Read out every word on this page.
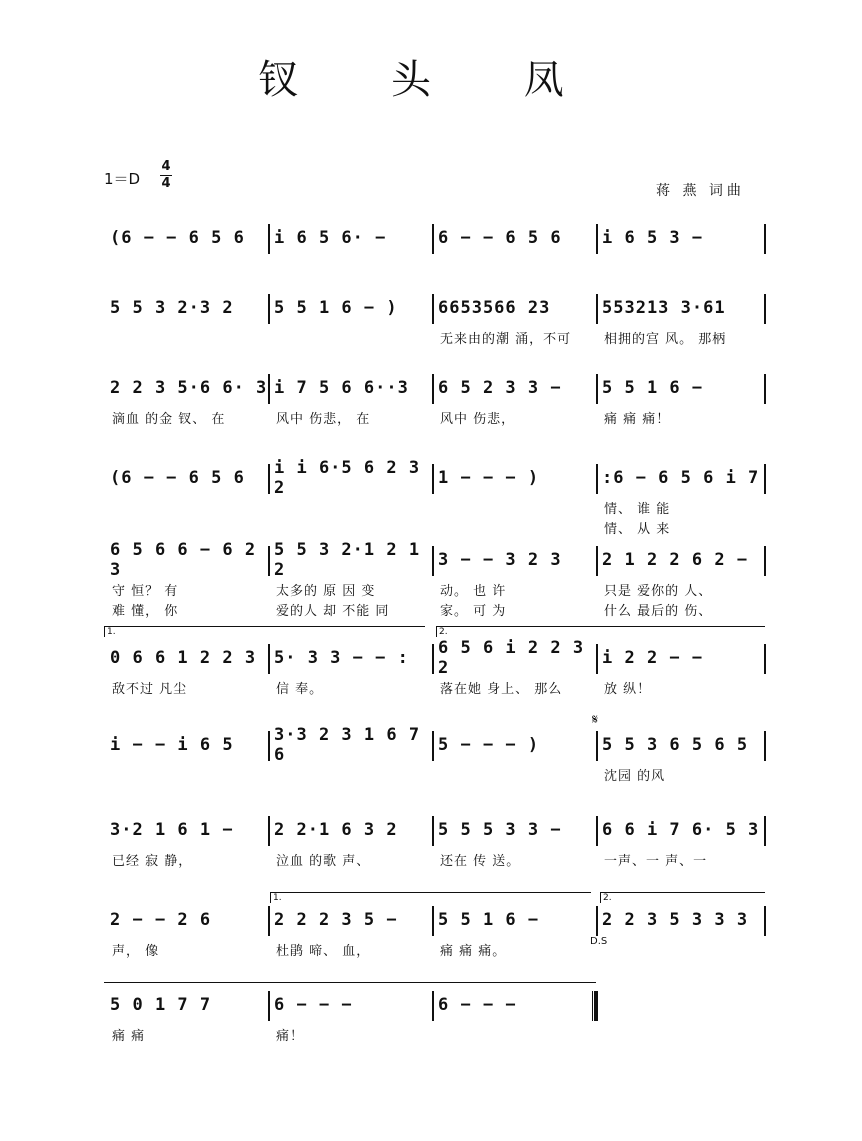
钗 头 凤
1＝D
4
4	蒋 燕 词曲
(6 − − 6 5 6	i 6 5 6· −	6 − − 6 5 6	i 6 5 3 −
5 5 3 2·3 2	5 5 1 6 − )	6653566 23	553213 3·61
无来由的潮 涌，不可	相拥的宫 风。 那柄
2 2 3 5·6 6· 3 i 7 5 6 6··3	6 5 2 3 3 −	5 5 1 6 −
滴血 的金 钗、 在	风中 伤悲， 在	风中 伤悲，	痛 痛 痛！
(6 − − 6 5 6	i i 6·5 6 2 3 2	1 − − − )	:6 − 6 5 6 i 7
情、 谁 能
情、 从 来
6 5 6 6 − 6 2 3
5 5 3 2·1 2 1 2	3 − − 3 2 3	2 1 2 2 6 2 −
守 恒？ 有	太多的 原 因 变	动。 也 许	只是 爱你的 人、
难 懂， 你	爱的人 却 不能 同	家。 可 为	什么 最后的 伤、
0 6 6 1 2 2 3	5· 3 3 − − :	6 5 6 i 2 2 3 2	i 2 2 − −
敌不过 凡尘	信 奉。	落在她 身上、 那么	放 纵！
i − − i 6 5	3·3 2 3 1 6 7 6	5 − − − )	5 5 3 6 5 6 5
沈园 的风
3·2 1 6 1 −	2 2·1 6 3 2	5 5 5 3 3 −	6 6 i 7 6· 5 3
已经 寂 静，	泣血 的歌 声、	还在 传 送。	一声、一 声、一
2 − − 2 6	2 2 2 3 5 −	5 5 1 6 −	2 2 3 5 3 3 3
声， 像	杜鹃 啼、 血，	痛 痛 痛。
5 0 1 7 7	6 − − −	6 − − −
痛 痛	痛！
1.	2.
1.	2.
𝄋
D.S
